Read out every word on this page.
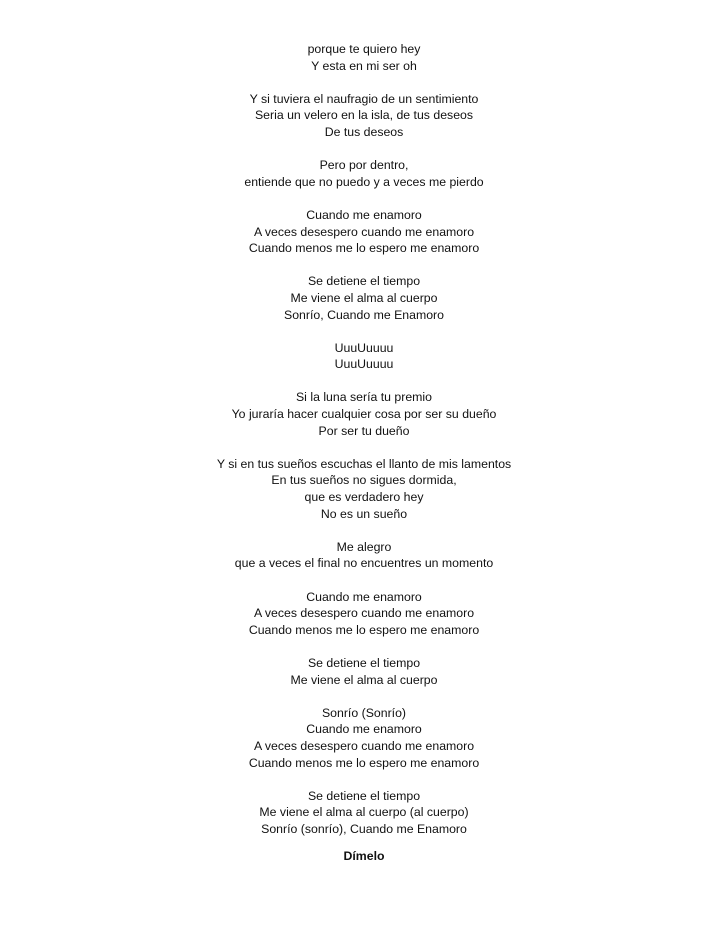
porque te quiero hey
Y esta en mi ser oh
Y si tuviera el naufragio de un sentimiento
Seria un velero en la isla, de tus deseos
De tus deseos
Pero por dentro,
entiende que no puedo y a veces me pierdo
Cuando me enamoro
A veces desespero cuando me enamoro
Cuando menos me lo espero me enamoro
Se detiene el tiempo
Me viene el alma al cuerpo
Sonrío, Cuando me Enamoro
UuuUuuuu
UuuUuuuu
Si la luna sería tu premio
Yo juraría hacer cualquier cosa por ser su dueño
Por ser tu dueño
Y si en tus sueños escuchas el llanto de mis lamentos
En tus sueños no sigues dormida,
que es verdadero hey
No es un sueño
Me alegro
que a veces el final no encuentres un momento
Cuando me enamoro
A veces desespero cuando me enamoro
Cuando menos me lo espero me enamoro
Se detiene el tiempo
Me viene el alma al cuerpo
Sonrío (Sonrío)
Cuando me enamoro
A veces desespero cuando me enamoro
Cuando menos me lo espero me enamoro
Se detiene el tiempo
Me viene el alma al cuerpo (al cuerpo)
Sonrío (sonrío), Cuando me Enamoro
Dímelo
